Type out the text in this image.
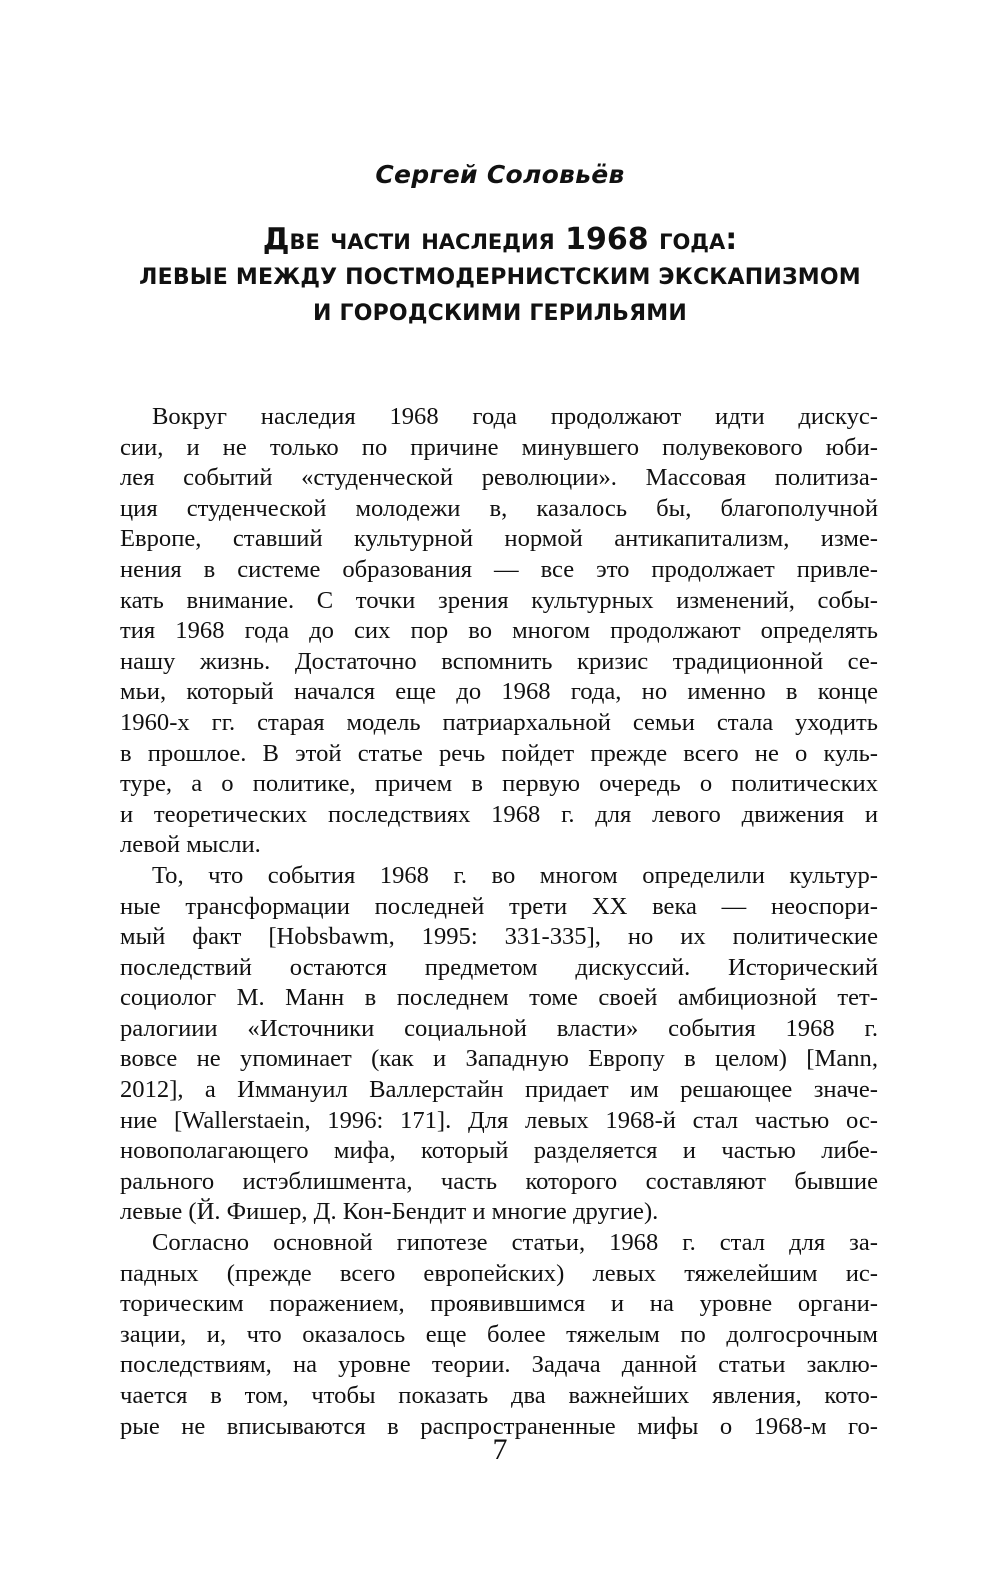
Сергей Соловьёв
Две части наследия 1968 года:
ЛЕВЫЕ МЕЖДУ ПОСТМОДЕРНИСТСКИМ ЭКСКАПИЗМОМ
И ГОРОДСКИМИ ГЕРИЛЬЯМИ

Вокруг наследия 1968 года продолжают идти дискус-
сии, и не только по причине минувшего полувекового юби-
лея событий «студенческой революции». Массовая политиза-
ция студенческой молодежи в, казалось бы, благополучной
Европе, ставший культурной нормой антикапитализм, изме-
нения в системе образования — все это продолжает привле-
кать внимание. С точки зрения культурных изменений, собы-
тия 1968 года до сих пор во многом продолжают определять
нашу жизнь. Достаточно вспомнить кризис традиционной се-
мьи, который начался еще до 1968 года, но именно в конце
1960-х гг. старая модель патриархальной семьи стала уходить
в прошлое. В этой статье речь пойдет прежде всего не о куль-
туре, а о политике, причем в первую очередь о политических
и теоретических последствиях 1968 г. для левого движения и
левой мысли.

То, что события 1968 г. во многом определили культур-
ные трансформации последней трети XX века — неоспори-
мый факт [Hobsbawm, 1995: 331-335], но их политические
последствий остаются предметом дискуссий. Исторический
социолог М. Манн в последнем томе своей амбициозной тет-
ралогиии «Источники социальной власти» события 1968 г.
вовсе не упоминает (как и Западную Европу в целом) [Mann,
2012], а Иммануил Валлерстайн придает им решающее значе-
ние [Wallerstaein, 1996: 171]. Для левых 1968-й стал частью ос-
новополагающего мифа, который разделяется и частью либе-
рального истэблишмента, часть которого составляют бывшие
левые (Й. Фишер, Д. Кон-Бендит и многие другие).

Согласно основной гипотезе статьи, 1968 г. стал для за-
падных (прежде всего европейских) левых тяжелейшим ис-
торическим поражением, проявившимся и на уровне органи-
зации, и, что оказалось еще более тяжелым по долгосрочным
последствиям, на уровне теории. Задача данной статьи заклю-
чается в том, чтобы показать два важнейших явления, кото-
рые не вписываются в распространенные мифы о 1968-м го-

7
